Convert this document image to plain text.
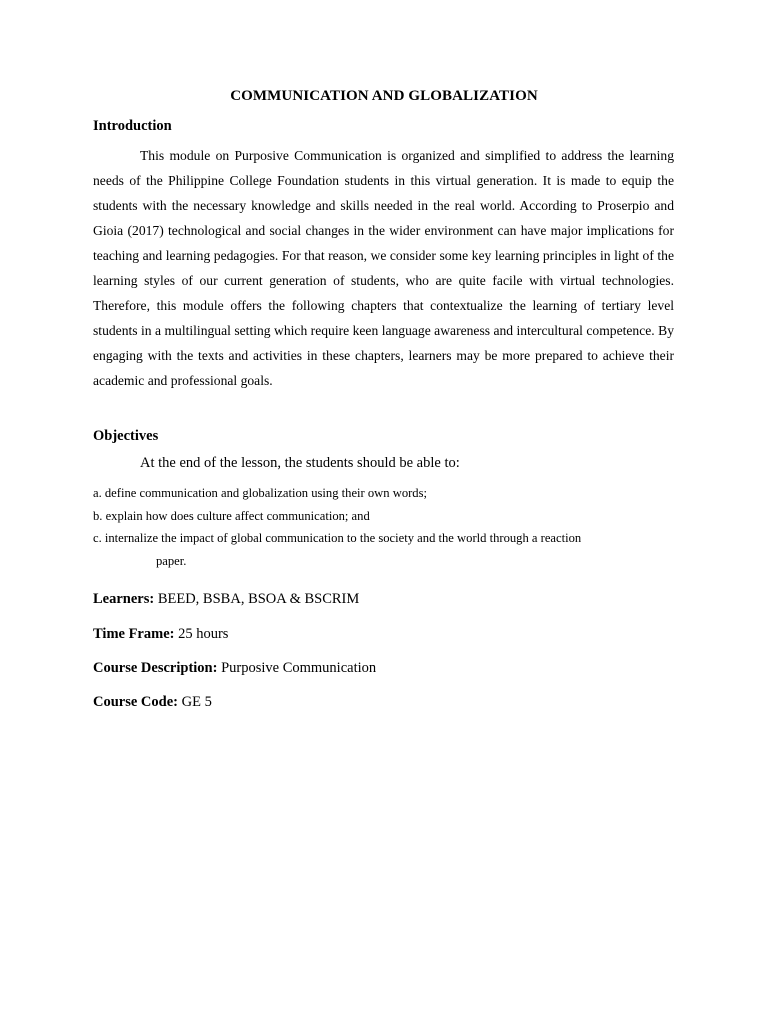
COMMUNICATION AND GLOBALIZATION
Introduction

This module on Purposive Communication is organized and simplified to address the learning needs of the Philippine College Foundation students in this virtual generation. It is made to equip the students with the necessary knowledge and skills needed in the real world. According to Proserpio and Gioia (2017) technological and social changes in the wider environment can have major implications for teaching and learning pedagogies. For that reason, we consider some key learning principles in light of the learning styles of our current generation of students, who are quite facile with virtual technologies. Therefore, this module offers the following chapters that contextualize the learning of tertiary level students in a multilingual setting which require keen language awareness and intercultural competence. By engaging with the texts and activities in these chapters, learners may be more prepared to achieve their academic and professional goals.

Objectives
At the end of the lesson, the students should be able to:
a. define communication and globalization using their own words;
b. explain how does culture affect communication; and
c. internalize the impact of global communication to the society and the world through a reaction
paper.
Learners: BEED, BSBA, BSOA & BSCRIM
Time Frame: 25 hours
Course Description: Purposive Communication
Course Code: GE 5
